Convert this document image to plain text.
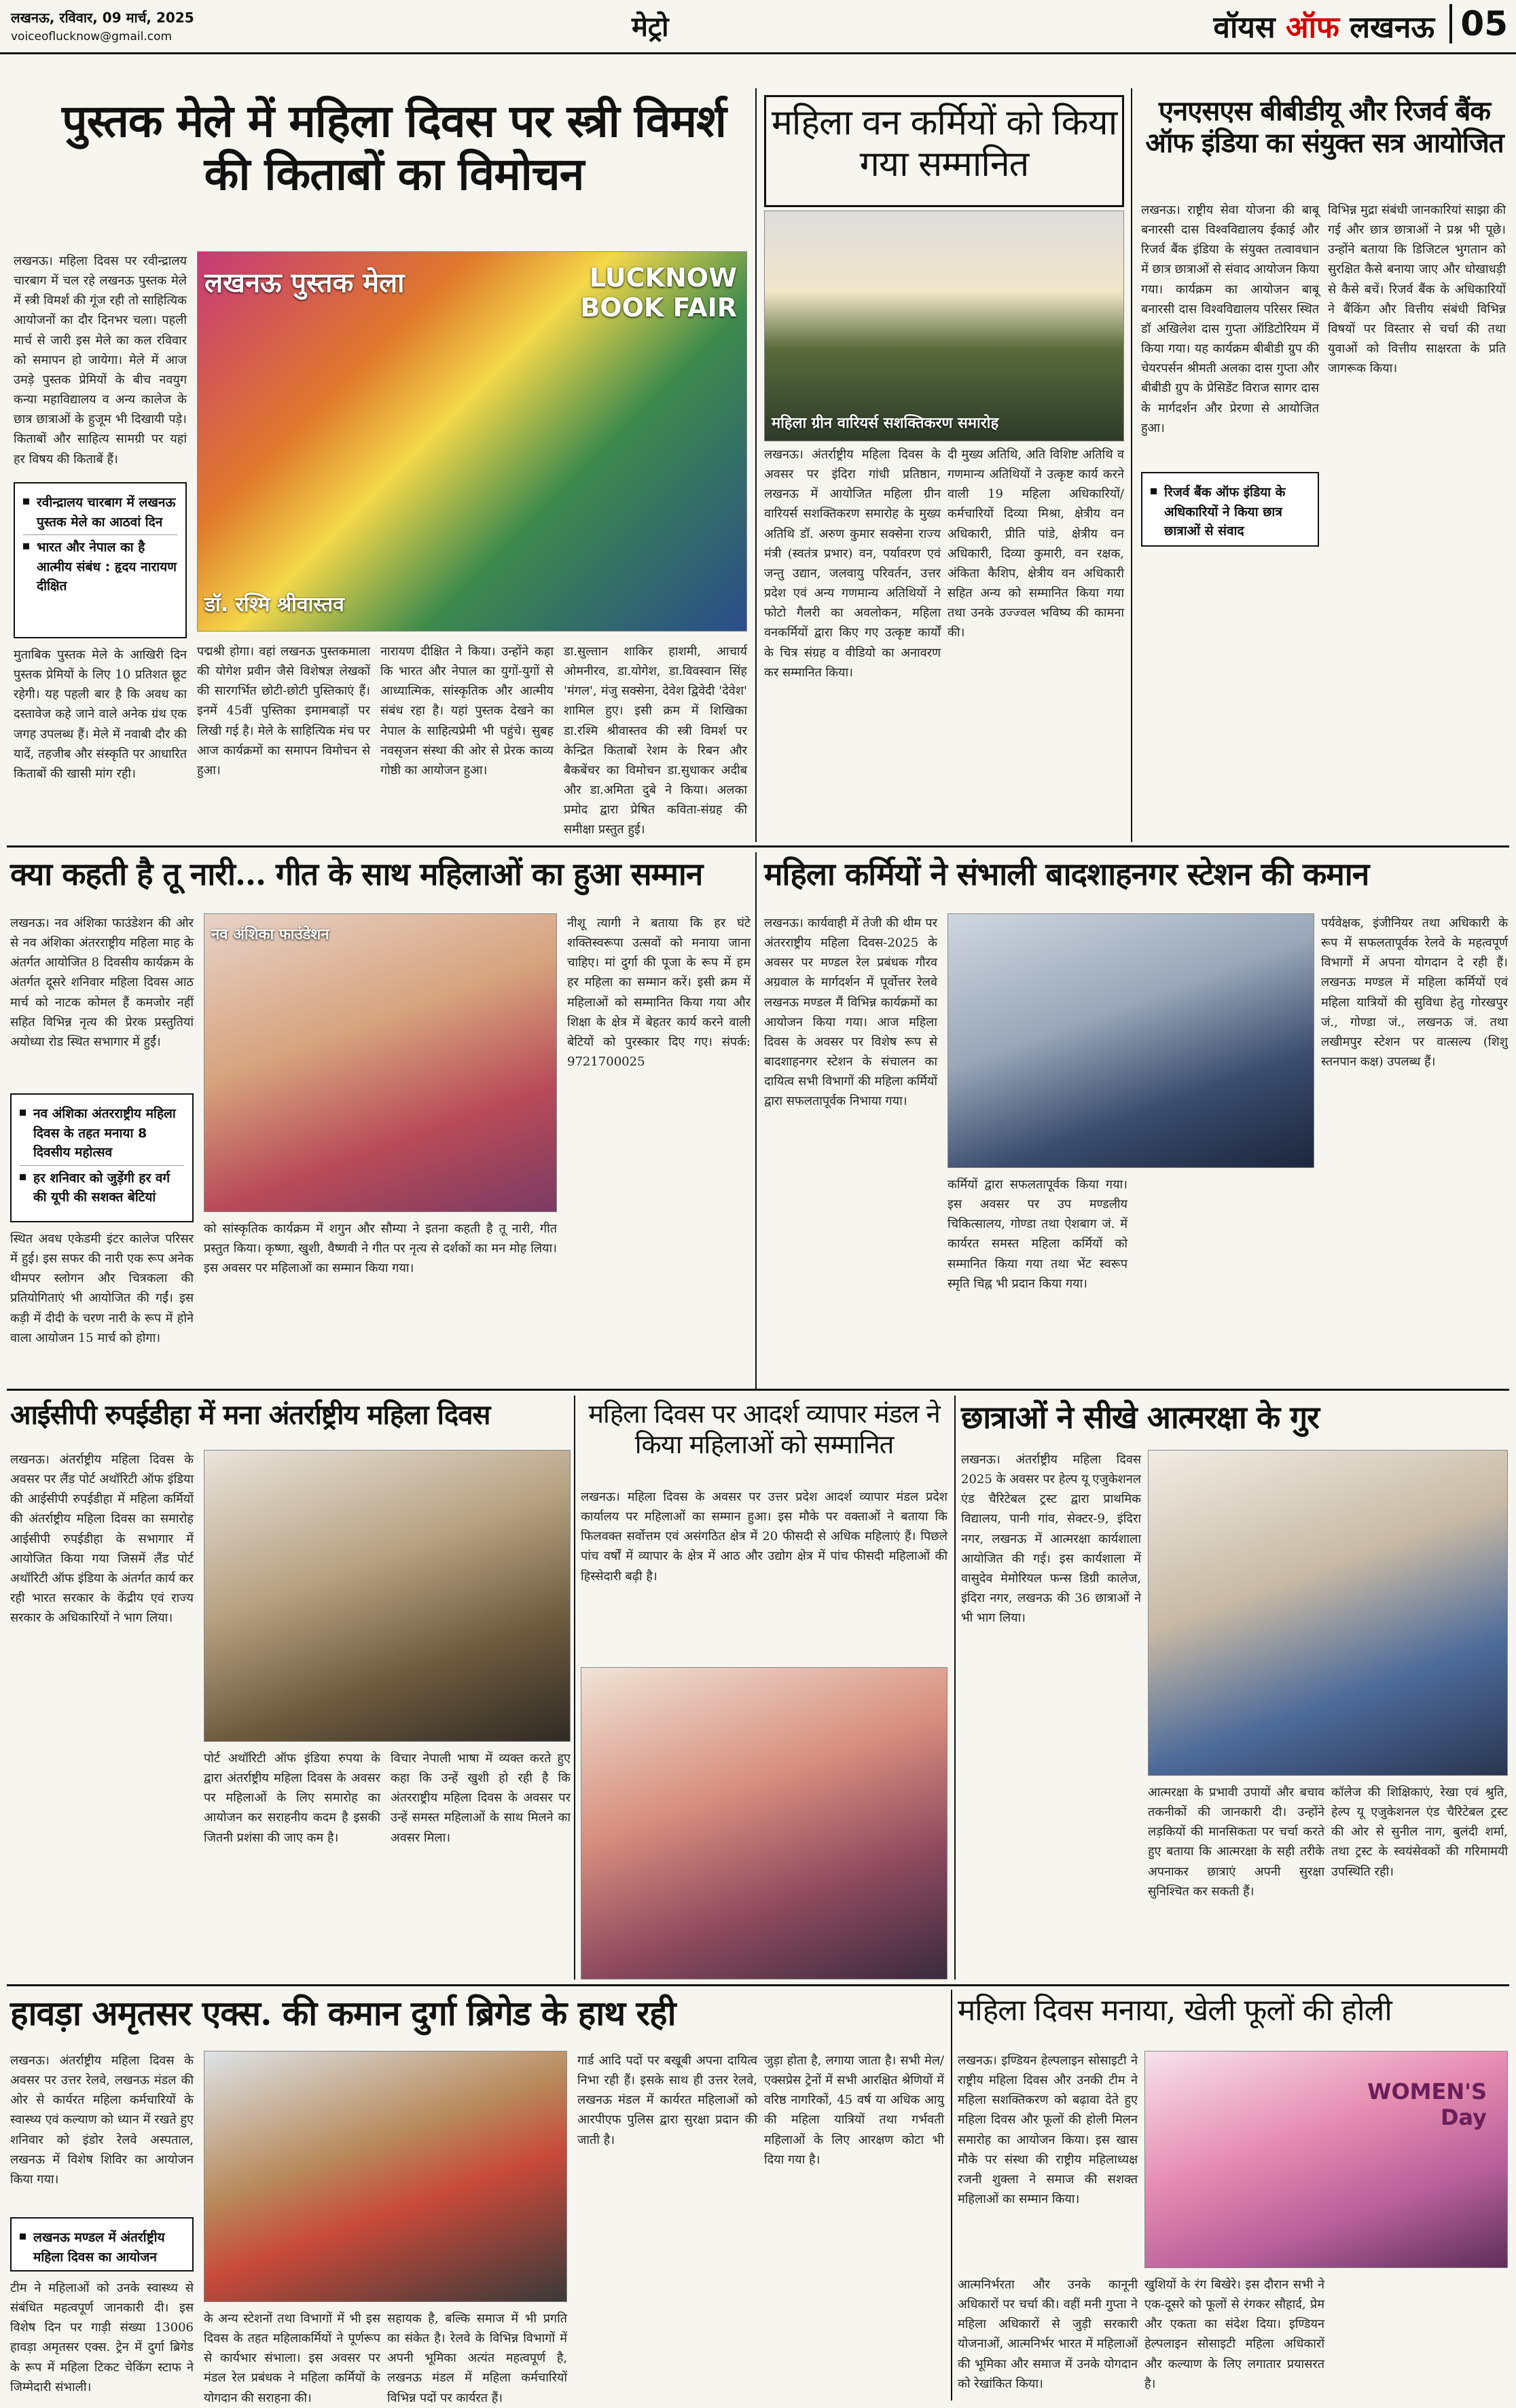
लखनऊ, रविवार, 09 मार्च, 2025
voiceoflucknow@gmail.com	मेट्रो	वॉयस ऑफ लखनऊ 05
पुस्तक मेले में महिला दिवस पर स्त्री विमर्श की किताबों का विमोचन

लखनऊ। महिला दिवस पर रवीन्द्रालय चारबाग में चल रहे लखनऊ पुस्तक मेले में स्त्री विमर्श की गूंज रही तो साहित्यिक आयोजनों का दौर दिनभर चला। पहली मार्च से जारी इस मेले का कल रविवार को समापन हो जायेगा। मेले में आज उमड़े पुस्तक प्रेमियों के बीच नवयुग कन्या महाविद्यालय व अन्य कालेज के छात्र छात्राओं के हुजूम भी दिखायी पड़े। किताबों और साहित्य सामग्री पर यहां हर विषय की किताबें हैं।

लखनऊ पुस्तक मेला	LUCKNOW BOOK FAIR
डॉ. रश्मि श्रीवास्तव
रवीन्द्रालय चारबाग में लखनऊ पुस्तक मेले का आठवां दिन
भारत और नेपाल का है आत्मीय संबंध : हृदय नारायण दीक्षित

मुताबिक पुस्तक मेले के आखिरी दिन पुस्तक प्रेमियों के लिए 10 प्रतिशत छूट रहेगी। यह पहली बार है कि अवध का दस्तावेज कहे जाने वाले अनेक ग्रंथ एक जगह उपलब्ध हैं। मेले में नवाबी दौर की यादें, तहजीब और संस्कृति पर आधारित किताबों की खासी मांग रही।

पद्मश्री होगा। वहां लखनऊ पुस्तकमाला की योगेश प्रवीन जैसे विशेषज्ञ लेखकों की सारगर्भित छोटी-छोटी पुस्तिकाएं हैं। इनमें 45वीं पुस्तिका इमामबाड़ों पर लिखी गई है। मेले के साहित्यिक मंच पर आज कार्यक्रमों का समापन विमोचन से हुआ।

नारायण दीक्षित ने किया। उन्होंने कहा कि भारत और नेपाल का युगों-युगों से आध्यात्मिक, सांस्कृतिक और आत्मीय संबंध रहा है। यहां पुस्तक देखने का नेपाल के साहित्यप्रेमी भी पहुंचे। सुबह नवसृजन संस्था की ओर से प्रेरक काव्य गोष्ठी का आयोजन हुआ।

महिला वन कर्मियों को किया गया सम्मानित
महिला ग्रीन वारियर्स सशक्तिकरण समारोह

लखनऊ। अंतर्राष्ट्रीय महिला दिवस के अवसर पर इंदिरा गांधी प्रतिष्ठान, लखनऊ में आयोजित महिला ग्रीन वारियर्स सशक्तिकरण समारोह के मुख्य अतिथि डॉ. अरुण कुमार सक्सेना राज्य मंत्री (स्वतंत्र प्रभार) वन, पर्यावरण एवं जन्तु उद्यान, जलवायु परिवर्तन, उत्तर प्रदेश एवं अन्य गणमान्य अतिथियों ने फोटो गैलरी का अवलोकन, महिला वनकर्मियों द्वारा किए गए उत्कृष्ट कार्यों के चित्र संग्रह व वीडियो का अनावरण कर सम्मानित किया।

दी मुख्य अतिथि, अति विशिष्ट अतिथि व गणमान्य अतिथियों ने उत्कृष्ट कार्य करने वाली 19 महिला अधिकारियों/कर्मचारियों दिव्या मिश्रा, क्षेत्रीय वन अधिकारी, प्रीति पांडे, क्षेत्रीय वन अधिकारी, दिव्या कुमारी, वन रक्षक, अंकिता कैशिप, क्षेत्रीय वन अधिकारी सहित अन्य को सम्मानित किया गया तथा उनके उज्ज्वल भविष्य की कामना की।

डा.सुल्तान शाकिर हाशमी, आचार्य ओमनीरव, डा.योगेश, डा.विवस्वान सिंह 'मंगल', मंजु सक्सेना, देवेश द्विवेदी 'देवेश' शामिल हुए। इसी क्रम में शिखिका डा.रश्मि श्रीवास्तव की स्त्री विमर्श पर केन्द्रित किताबों रेशम के रिबन और बैकबेंचर का विमोचन डा.सुधाकर अदीब और डा.अमिता दुबे ने किया। अलका प्रमोद द्वारा प्रेषित कविता-संग्रह की समीक्षा प्रस्तुत हुई।

एनएसएस बीबीडीयू और रिजर्व बैंक ऑफ इंडिया का संयुक्त सत्र आयोजित

लखनऊ। राष्ट्रीय सेवा योजना की बाबू बनारसी दास विश्वविद्यालय ईकाई और रिजर्व बैंक इंडिया के संयुक्त तत्वावधान में छात्र छात्राओं से संवाद आयोजन किया गया। कार्यक्रम का आयोजन बाबू बनारसी दास विश्वविद्यालय परिसर स्थित डॉ अखिलेश दास गुप्ता ऑडिटोरियम में किया गया। यह कार्यक्रम बीबीडी ग्रुप की चेयरपर्सन श्रीमती अलका दास गुप्ता और बीबीडी ग्रुप के प्रेसिडेंट विराज सागर दास के मार्गदर्शन और प्रेरणा से आयोजित हुआ।

रिजर्व बैंक ऑफ इंडिया के अधिकारियों ने किया छात्र छात्राओं से संवाद

विभिन्न मुद्रा संबंधी जानकारियां साझा की गई और छात्र छात्राओं ने प्रश्न भी पूछे। उन्होंने बताया कि डिजिटल भुगतान को सुरक्षित कैसे बनाया जाए और धोखाधड़ी से कैसे बचें। रिजर्व बैंक के अधिकारियों ने बैंकिंग और वित्तीय संबंधी विभिन्न विषयों पर विस्तार से चर्चा की तथा युवाओं को वित्तीय साक्षरता के प्रति जागरूक किया।

क्या कहती है तू नारी... गीत के साथ महिलाओं का हुआ सम्मान

लखनऊ। नव अंशिका फाउंडेशन की ओर से नव अंशिका अंतरराष्ट्रीय महिला माह के अंतर्गत आयोजित 8 दिवसीय कार्यक्रम के अंतर्गत दूसरे शनिवार महिला दिवस आठ मार्च को नाटक कोमल हैं कमजोर नहीं सहित विभिन्न नृत्य की प्रेरक प्रस्तुतियां अयोध्या रोड स्थित सभागार में हुईं।

नव अंशिका अंतरराष्ट्रीय महिला दिवस के तहत मनाया 8 दिवसीय महोत्सव
हर शनिवार को जुड़ेंगी हर वर्ग की यूपी की सशक्त बेटियां

स्थित अवध एकेडमी इंटर कालेज परिसर में हुई। इस सफर की नारी एक रूप अनेक थीमपर स्लोगन और चित्रकला की प्रतियोगिताएं भी आयोजित की गईं। इस कड़ी में दीदी के चरण नारी के रूप में होने वाला आयोजन 15 मार्च को होगा।

नव अंशिका फाउंडेशन

को सांस्कृतिक कार्यक्रम में शगुन और सौम्या ने इतना कहती है तू नारी, गीत प्रस्तुत किया। कृष्णा, खुशी, वैष्णवी ने गीत पर नृत्य से दर्शकों का मन मोह लिया। इस अवसर पर महिलाओं का सम्मान किया गया।

नीशू त्यागी ने बताया कि हर घंटे शक्तिस्वरूपा उत्सवों को मनाया जाना चाहिए। मां दुर्गा की पूजा के रूप में हम हर महिला का सम्मान करें। इसी क्रम में महिलाओं को सम्मानित किया गया और शिक्षा के क्षेत्र में बेहतर कार्य करने वाली बेटियों को पुरस्कार दिए गए। संपर्क: 9721700025

महिला कर्मियों ने संभाली बादशाहनगर स्टेशन की कमान

लखनऊ। कार्यवाही में तेजी की थीम पर अंतरराष्ट्रीय महिला दिवस-2025 के अवसर पर मण्डल रेल प्रबंधक गौरव अग्रवाल के मार्गदर्शन में पूर्वोत्तर रेलवे लखनऊ मण्डल मैं विभिन्न कार्यक्रमों का आयोजन किया गया। आज महिला दिवस के अवसर पर विशेष रूप से बादशाहनगर स्टेशन के संचालन का दायित्व सभी विभागों की महिला कर्मियों द्वारा सफलतापूर्वक निभाया गया।

कर्मियों द्वारा सफलतापूर्वक किया गया। इस अवसर पर उप मण्डलीय चिकित्सालय, गोण्डा तथा ऐशबाग जं. में कार्यरत समस्त महिला कर्मियों को सम्मानित किया गया तथा भेंट स्वरूप स्मृति चिह्न भी प्रदान किया गया।

पर्यवेक्षक, इंजीनियर तथा अधिकारी के रूप में सफलतापूर्वक रेलवे के महत्वपूर्ण विभागों में अपना योगदान दे रही हैं। लखनऊ मण्डल में महिला कर्मियों एवं महिला यात्रियों की सुविधा हेतु गोरखपुर जं., गोण्डा जं., लखनऊ जं. तथा लखीमपुर स्टेशन पर वात्सल्य (शिशु स्तनपान कक्ष) उपलब्ध हैं।

आईसीपी रुपईडीहा में मना अंतर्राष्ट्रीय महिला दिवस

लखनऊ। अंतर्राष्ट्रीय महिला दिवस के अवसर पर लैंड पोर्ट अथॉरिटी ऑफ इंडिया की आईसीपी रुपईडीहा में महिला कर्मियों की अंतर्राष्ट्रीय महिला दिवस का समारोह आईसीपी रुपईडीहा के सभागार में आयोजित किया गया जिसमें लैंड पोर्ट अथॉरिटी ऑफ इंडिया के अंतर्गत कार्य कर रही भारत सरकार के केंद्रीय एवं राज्य सरकार के अधिकारियों ने भाग लिया।

पोर्ट अथॉरिटी ऑफ इंडिया रुपया के द्वारा अंतर्राष्ट्रीय महिला दिवस के अवसर पर महिलाओं के लिए समारोह का आयोजन कर सराहनीय कदम है इसकी जितनी प्रशंसा की जाए कम है।

विचार नेपाली भाषा में व्यक्त करते हुए कहा कि उन्हें खुशी हो रही है कि अंतरराष्ट्रीय महिला दिवस के अवसर पर उन्हें समस्त महिलाओं के साथ मिलने का अवसर मिला।

महिला दिवस पर आदर्श व्यापार मंडल ने किया महिलाओं को सम्मानित

लखनऊ। महिला दिवस के अवसर पर उत्तर प्रदेश आदर्श व्यापार मंडल प्रदेश कार्यालय पर महिलाओं का सम्मान हुआ। इस मौके पर वक्ताओं ने बताया कि फिलवक्त सर्वोत्तम एवं असंगठित क्षेत्र में 20 फीसदी से अधिक महिलाएं हैं। पिछले पांच वर्षों में व्यापार के क्षेत्र में आठ और उद्योग क्षेत्र में पांच फीसदी महिलाओं की हिस्सेदारी बढ़ी है।

छात्राओं ने सीखे आत्मरक्षा के गुर

लखनऊ। अंतर्राष्ट्रीय महिला दिवस 2025 के अवसर पर हेल्प यू एजुकेशनल एंड चैरिटेबल ट्रस्ट द्वारा प्राथमिक विद्यालय, पानी गांव, सेक्टर-9, इंदिरा नगर, लखनऊ में आत्मरक्षा कार्यशाला आयोजित की गई। इस कार्यशाला में वासुदेव मेमोरियल फन्स डिग्री कालेज, इंदिरा नगर, लखनऊ की 36 छात्राओं ने भी भाग लिया।

आत्मरक्षा के प्रभावी उपायों और बचाव तकनीकों की जानकारी दी। उन्होंने लड़कियों की मानसिकता पर चर्चा करते हुए बताया कि आत्मरक्षा के सही तरीके अपनाकर छात्राएं अपनी सुरक्षा सुनिश्चित कर सकती हैं।

कॉलेज की शिक्षिकाएं, रेखा एवं श्रुति, हेल्प यू एजुकेशनल एंड चैरिटेबल ट्रस्ट की ओर से सुनील नाग, बुलंदी शर्मा, तथा ट्रस्ट के स्वयंसेवकों की गरिमामयी उपस्थिति रही।

हावड़ा अमृतसर एक्स. की कमान दुर्गा ब्रिगेड के हाथ रही

लखनऊ। अंतर्राष्ट्रीय महिला दिवस के अवसर पर उत्तर रेलवे, लखनऊ मंडल की ओर से कार्यरत महिला कर्मचारियों के स्वास्थ्य एवं कल्याण को ध्यान में रखते हुए शनिवार को इंडोर रेलवे अस्पताल, लखनऊ में विशेष शिविर का आयोजन किया गया।

लखनऊ मण्डल में अंतर्राष्ट्रीय महिला दिवस का आयोजन

टीम ने महिलाओं को उनके स्वास्थ्य से संबंधित महत्वपूर्ण जानकारी दी। इस विशेष दिन पर गाड़ी संख्या 13006 हावड़ा अमृतसर एक्स. ट्रेन में दुर्गा ब्रिगेड के रूप में महिला टिकट चेकिंग स्टाफ ने जिम्मेदारी संभाली।

के अन्य स्टेशनों तथा विभागों में भी इस दिवस के तहत महिलाकर्मियों ने पूर्णरूप से कार्यभार संभाला। इस अवसर पर मंडल रेल प्रबंधक ने महिला कर्मियों के योगदान की सराहना की।

सहायक है, बल्कि समाज में भी प्रगति का संकेत है। रेलवे के विभिन्न विभागों में अपनी भूमिका अत्यंत महत्वपूर्ण है, लखनऊ मंडल में महिला कर्मचारियों विभिन्न पदों पर कार्यरत हैं।

गार्ड आदि पदों पर बखूबी अपना दायित्व निभा रही हैं। इसके साथ ही उत्तर रेलवे, लखनऊ मंडल में कार्यरत महिलाओं को आरपीएफ पुलिस द्वारा सुरक्षा प्रदान की जाती है।

जुड़ा होता है, लगाया जाता है। सभी मेल/एक्सप्रेस ट्रेनों में सभी आरक्षित श्रेणियों में वरिष्ठ नागरिकों, 45 वर्ष या अधिक आयु की महिला यात्रियों तथा गर्भवती महिलाओं के लिए आरक्षण कोटा भी दिया गया है।

महिला दिवस मनाया, खेली फूलों की होली

लखनऊ। इण्डियन हेल्पलाइन सोसाइटी ने राष्ट्रीय महिला दिवस और उनकी टीम ने महिला सशक्तिकरण को बढ़ावा देते हुए महिला दिवस और फूलों की होली मिलन समारोह का आयोजन किया। इस खास मौके पर संस्था की राष्ट्रीय महिलाध्यक्ष रजनी शुक्ला ने समाज की सशक्त महिलाओं का सम्मान किया।

WOMEN'S Day

आत्मनिर्भरता और उनके कानूनी अधिकारों पर चर्चा की। वहीं मनी गुप्ता ने महिला अधिकारों से जुड़ी सरकारी योजनाओं, आत्मनिर्भर भारत में महिलाओं की भूमिका और समाज में उनके योगदान को रेखांकित किया।

खुशियों के रंग बिखेरे। इस दौरान सभी ने एक-दूसरे को फूलों से रंगकर सौहार्द, प्रेम और एकता का संदेश दिया। इण्डियन हेल्पलाइन सोसाइटी महिला अधिकारों और कल्याण के लिए लगातार प्रयासरत है।
